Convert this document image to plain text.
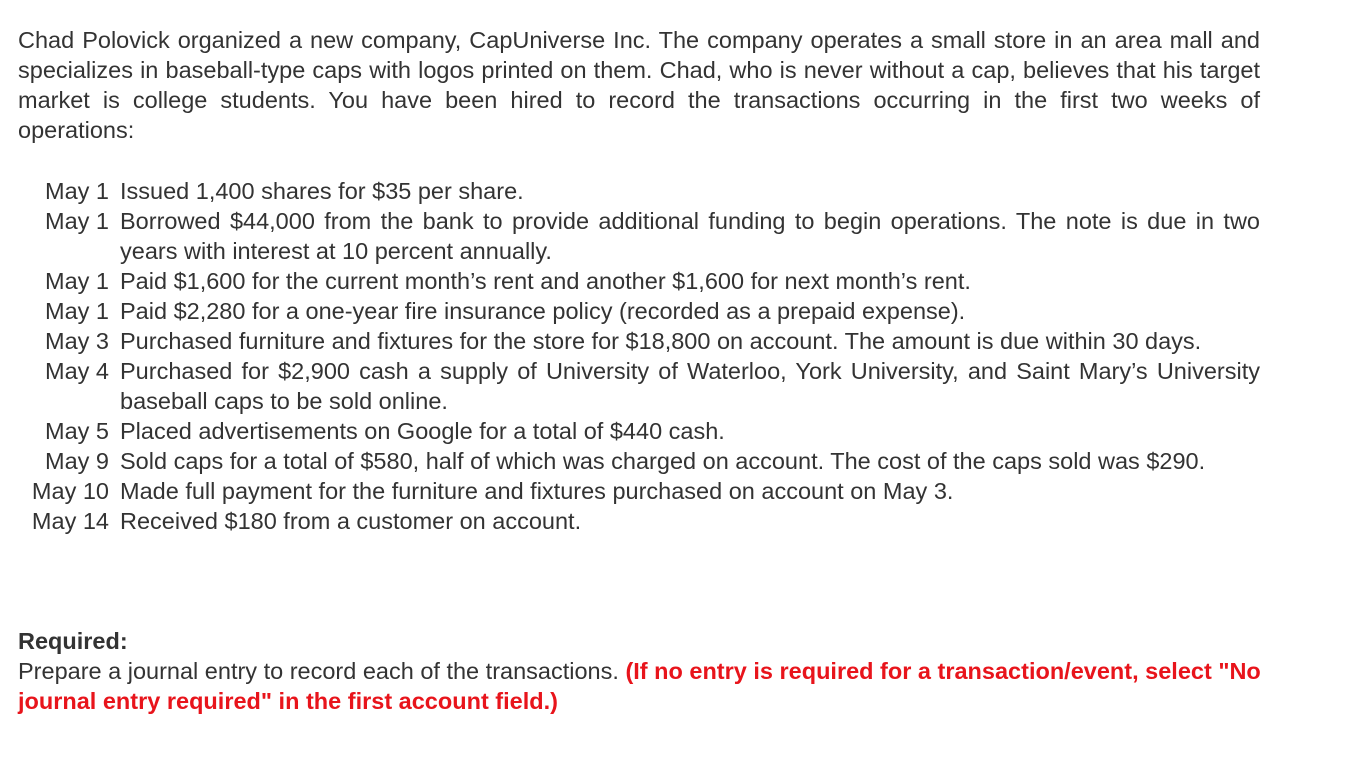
Chad Polovick organized a new company, CapUniverse Inc. The company operates a small store in an area mall and specializes in baseball-type caps with logos printed on them. Chad, who is never without a cap, believes that his target market is college students. You have been hired to record the transactions occurring in the first two weeks of operations:

May 1 Issued 1,400 shares for $35 per share.
May 1 Borrowed $44,000 from the bank to provide additional funding to begin operations. The note is due in two years with interest at 10 percent annually.
May 1 Paid $1,600 for the current month’s rent and another $1,600 for next month’s rent.
May 1 Paid $2,280 for a one-year fire insurance policy (recorded as a prepaid expense).
May 3 Purchased furniture and fixtures for the store for $18,800 on account. The amount is due within 30 days.
May 4 Purchased for $2,900 cash a supply of University of Waterloo, York University, and Saint Mary’s University baseball caps to be sold online.
May 5 Placed advertisements on Google for a total of $440 cash.
May 9 Sold caps for a total of $580, half of which was charged on account. The cost of the caps sold was $290.
May 10 Made full payment for the furniture and fixtures purchased on account on May 3.
May 14 Received $180 from a customer on account.
Required:
Prepare a journal entry to record each of the transactions. (If no entry is required for a transaction/event, select "No journal entry required" in the first account field.)
